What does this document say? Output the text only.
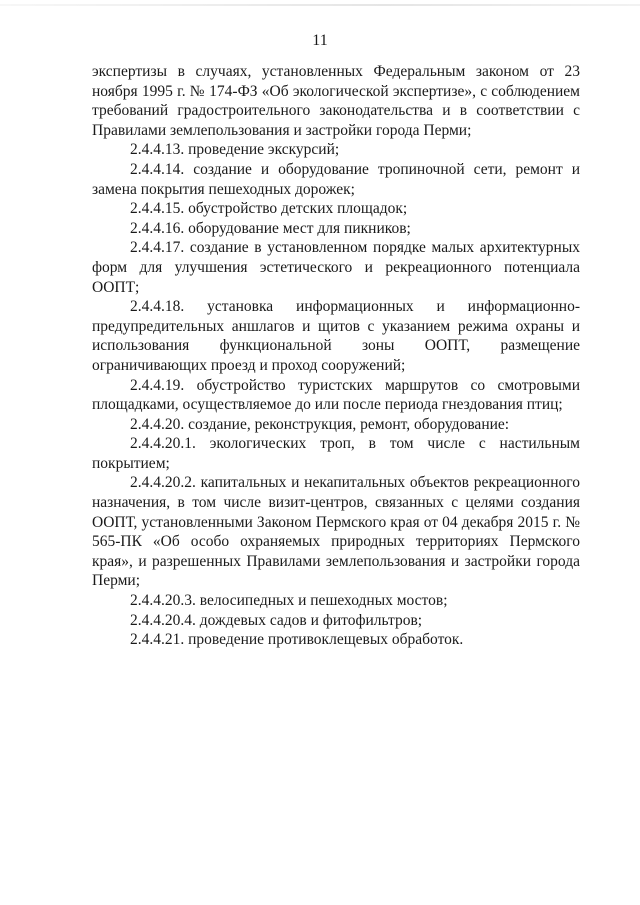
11

экспертизы в случаях, установленных Федеральным законом от 23 ноября 1995 г. № 174-ФЗ «Об экологической экспертизе», с соблюдением требований градостроительного законодательства и в соответствии с Правилами землепользования и застройки города Перми;

2.4.4.13. проведение экскурсий;

2.4.4.14. создание и оборудование тропиночной сети, ремонт и замена покрытия пешеходных дорожек;

2.4.4.15. обустройство детских площадок;

2.4.4.16. оборудование мест для пикников;

2.4.4.17. создание в установленном порядке малых архитектурных форм для улучшения эстетического и рекреационного потенциала ООПТ;

2.4.4.18. установка информационных и информационно-предупредительных аншлагов и щитов с указанием режима охраны и использования функциональной зоны ООПТ, размещение ограничивающих проезд и проход сооружений;

2.4.4.19. обустройство туристских маршрутов со смотровыми площадками, осуществляемое до или после периода гнездования птиц;

2.4.4.20. создание, реконструкция, ремонт, оборудование:

2.4.4.20.1. экологических троп, в том числе с настильным покрытием;

2.4.4.20.2. капитальных и некапитальных объектов рекреационного назначения, в том числе визит-центров, связанных с целями создания ООПТ, установленными Законом Пермского края от 04 декабря 2015 г. № 565-ПК «Об особо охраняемых природных территориях Пермского края», и разрешенных Правилами землепользования и застройки города Перми;

2.4.4.20.3. велосипедных и пешеходных мостов;

2.4.4.20.4. дождевых садов и фитофильтров;

2.4.4.21. проведение противоклещевых обработок.
